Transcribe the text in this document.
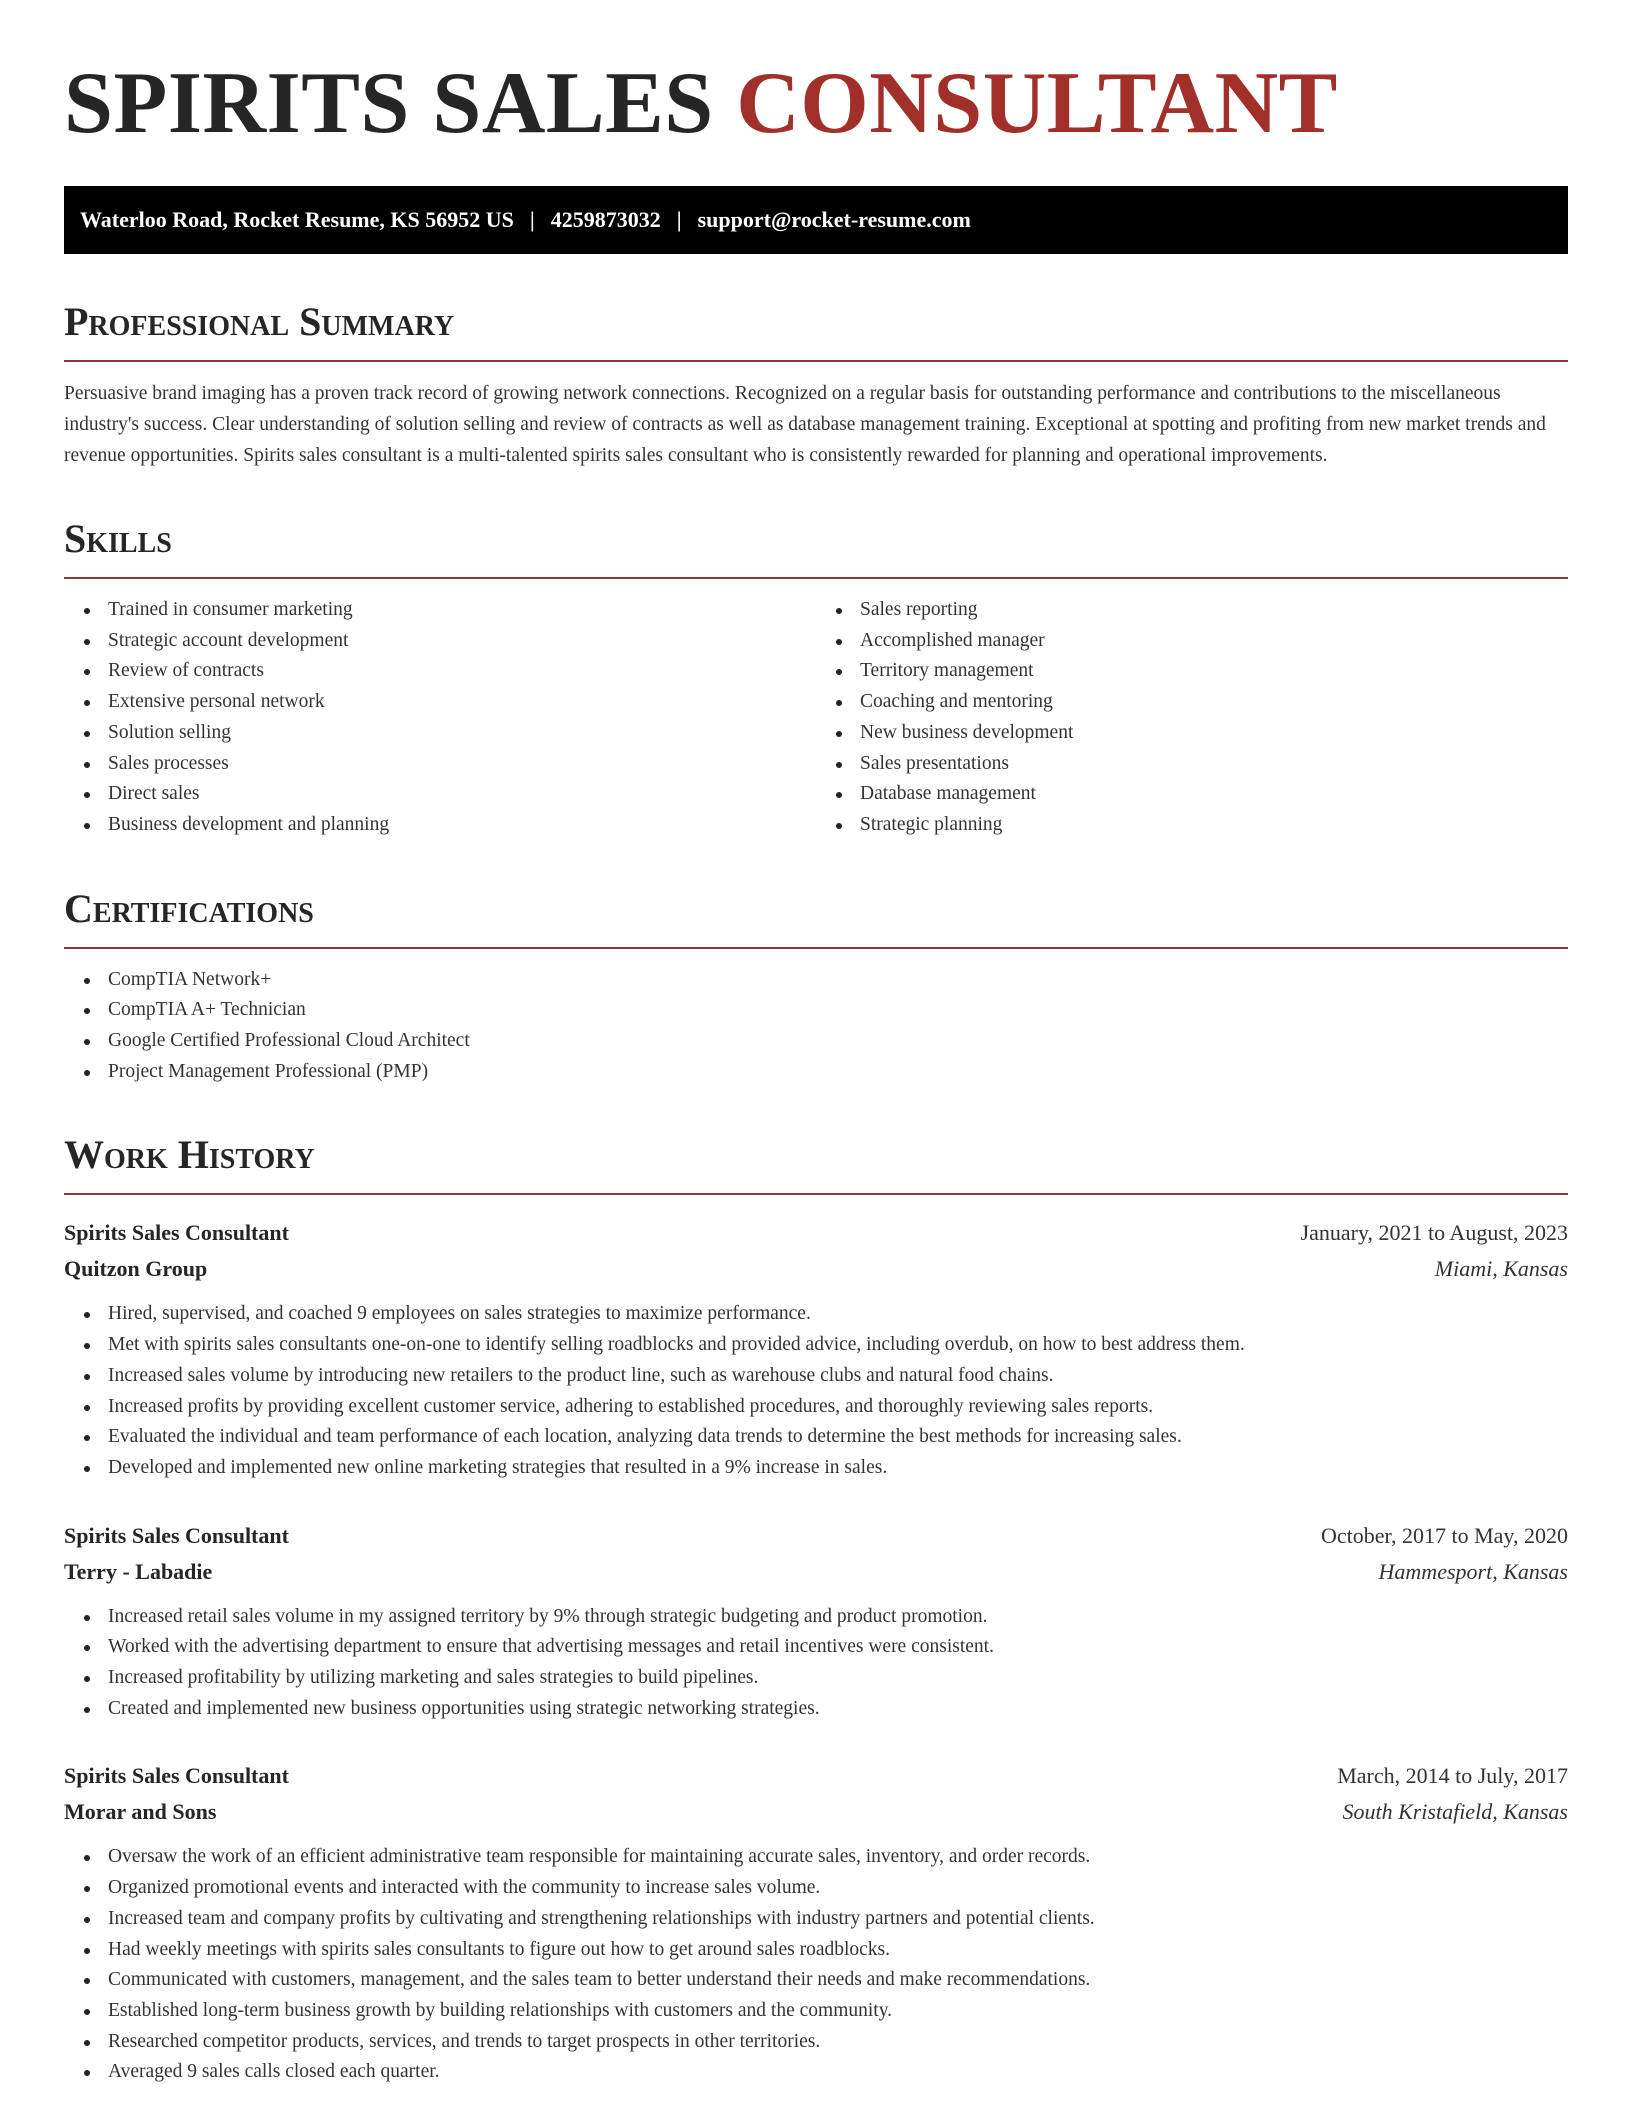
SPIRITS SALES CONSULTANT
Waterloo Road, Rocket Resume, KS 56952 US | 4259873032 | support@rocket-resume.com
Professional Summary

Persuasive brand imaging has a proven track record of growing network connections. Recognized on a regular basis for outstanding performance and contributions to the miscellaneous industry's success. Clear understanding of solution selling and review of contracts as well as database management training. Exceptional at spotting and profiting from new market trends and revenue opportunities. Spirits sales consultant is a multi-talented spirits sales consultant who is consistently rewarded for planning and operational improvements.

Skills
Trained in consumer marketing
Strategic account development
Review of contracts
Extensive personal network
Solution selling
Sales processes
Direct sales
Business development and planning
Sales reporting
Accomplished manager
Territory management
Coaching and mentoring
New business development
Sales presentations
Database management
Strategic planning
Certifications
CompTIA Network+
CompTIA A+ Technician
Google Certified Professional Cloud Architect
Project Management Professional (PMP)
Work History
Spirits Sales Consultant	January, 2021 to August, 2023
Quitzon Group	Miami, Kansas
Hired, supervised, and coached 9 employees on sales strategies to maximize performance.
Met with spirits sales consultants one-on-one to identify selling roadblocks and provided advice, including overdub, on how to best address them.
Increased sales volume by introducing new retailers to the product line, such as warehouse clubs and natural food chains.
Increased profits by providing excellent customer service, adhering to established procedures, and thoroughly reviewing sales reports.
Evaluated the individual and team performance of each location, analyzing data trends to determine the best methods for increasing sales.
Developed and implemented new online marketing strategies that resulted in a 9% increase in sales.
Spirits Sales Consultant	October, 2017 to May, 2020
Terry - Labadie	Hammesport, Kansas
Increased retail sales volume in my assigned territory by 9% through strategic budgeting and product promotion.
Worked with the advertising department to ensure that advertising messages and retail incentives were consistent.
Increased profitability by utilizing marketing and sales strategies to build pipelines.
Created and implemented new business opportunities using strategic networking strategies.
Spirits Sales Consultant	March, 2014 to July, 2017
Morar and Sons	South Kristafield, Kansas
Oversaw the work of an efficient administrative team responsible for maintaining accurate sales, inventory, and order records.
Organized promotional events and interacted with the community to increase sales volume.
Increased team and company profits by cultivating and strengthening relationships with industry partners and potential clients.
Had weekly meetings with spirits sales consultants to figure out how to get around sales roadblocks.
Communicated with customers, management, and the sales team to better understand their needs and make recommendations.
Established long-term business growth by building relationships with customers and the community.
Researched competitor products, services, and trends to target prospects in other territories.
Averaged 9 sales calls closed each quarter.
